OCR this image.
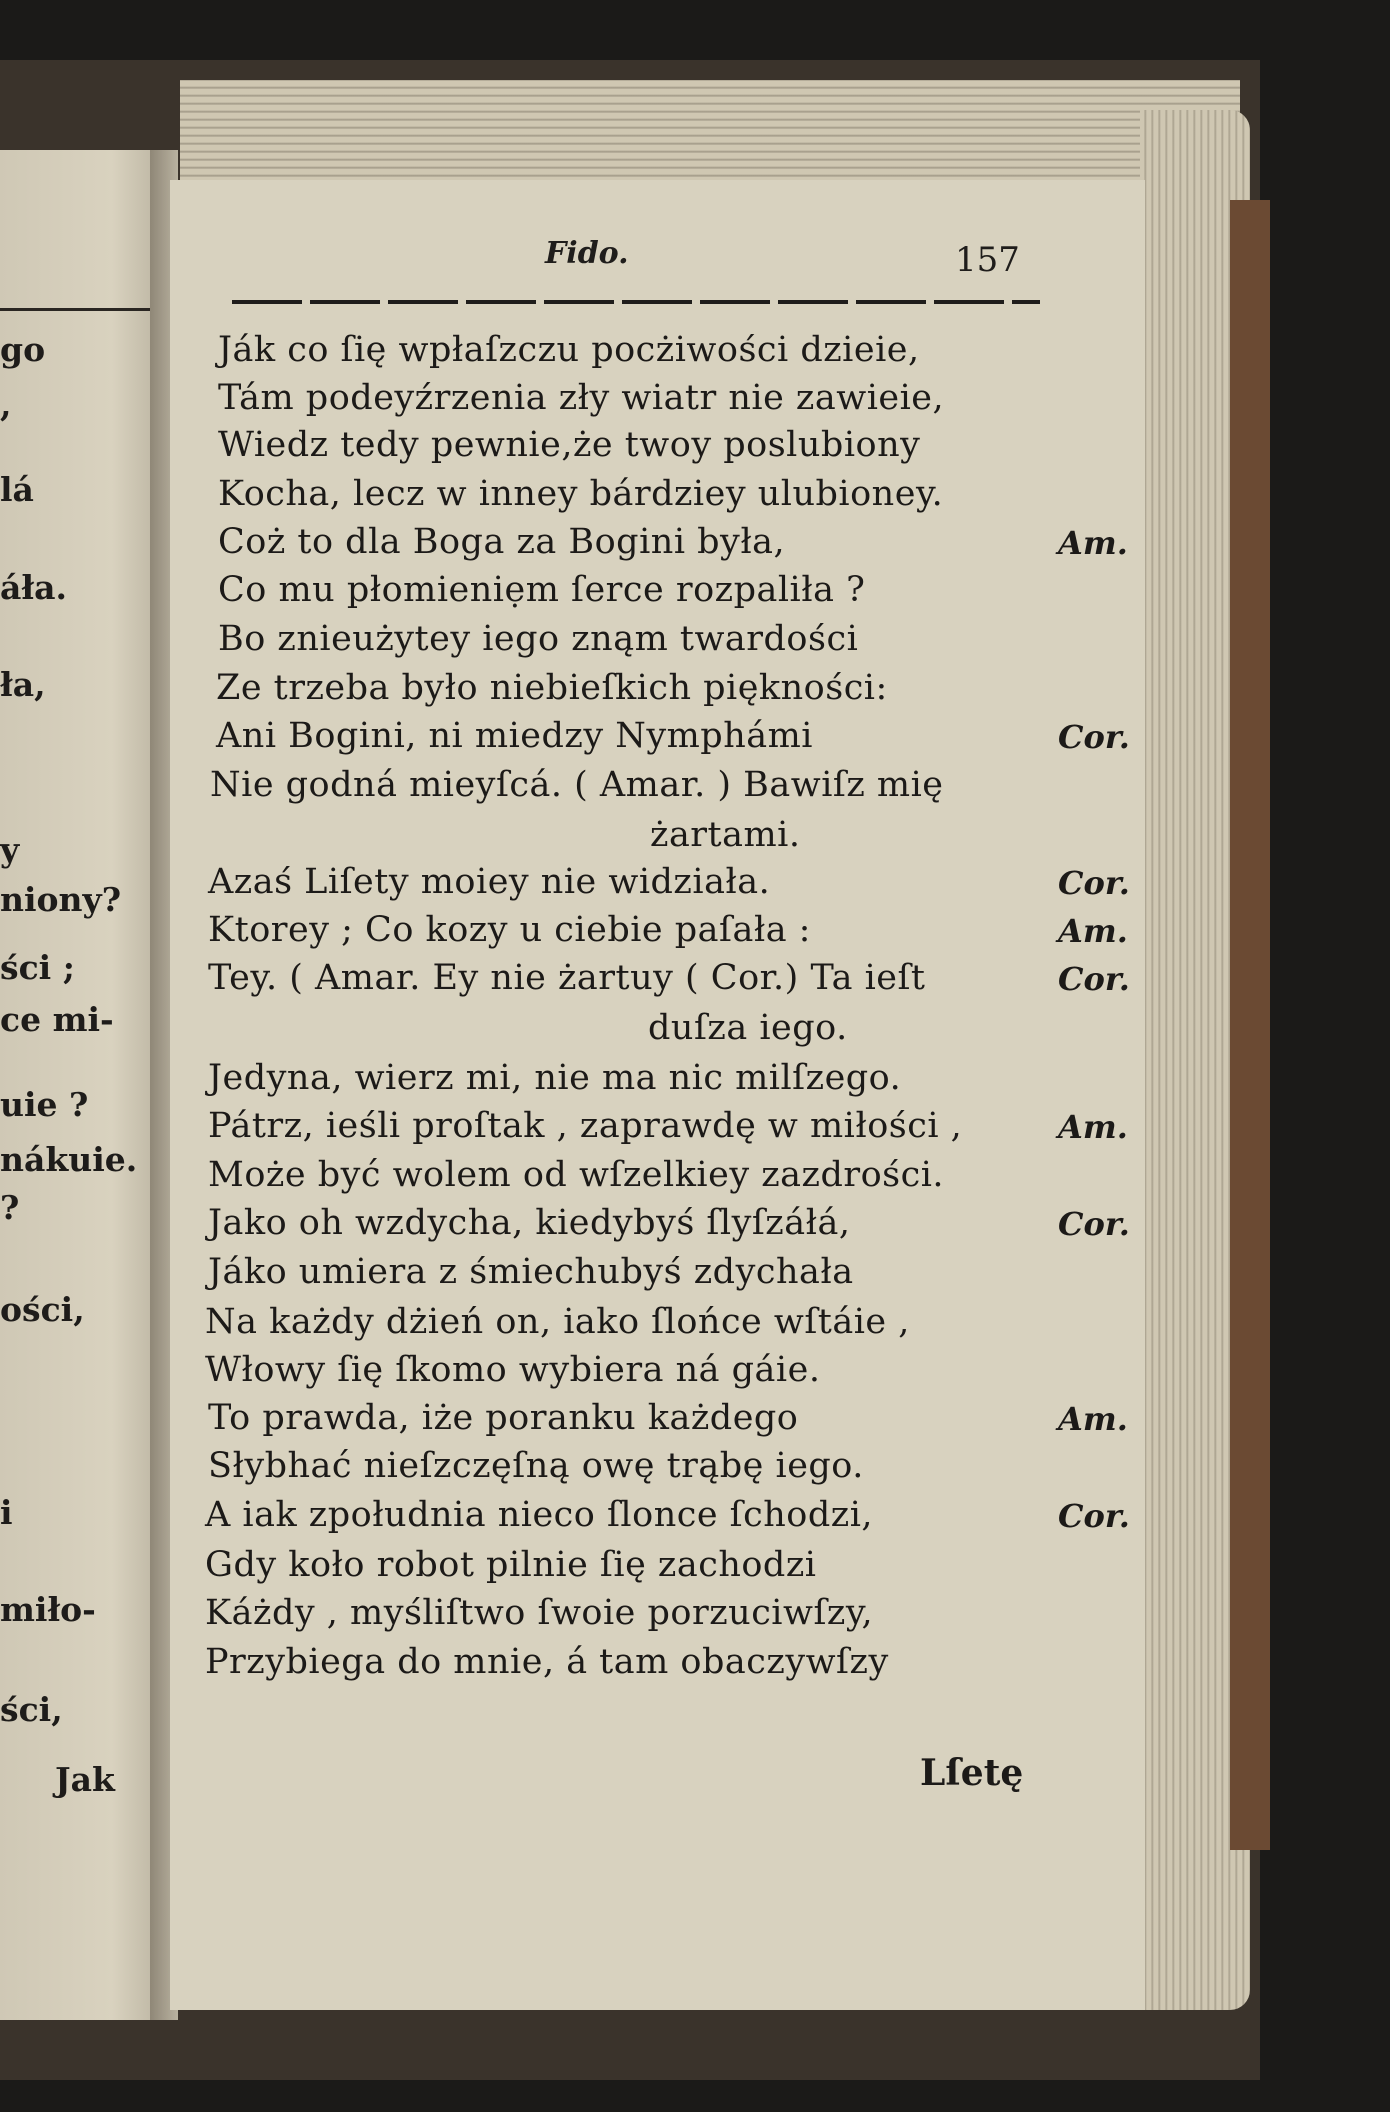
go
,
lá
áła.
ła,
y
niony?
ści ;
ce mi-
uie ?
nákuie.
?
ości,
i
miło-
ści,
Jak
Fido.	157
Ják co ſię wpłaſzczu pocżiwości dzieie,
Tám podeyźrzenia zły wiatr nie zawieie,
Wiedz tedy pewnie,że twoy poslubiony
Kocha, lecz w inney bárdziey ulubioney.
Coż to dla Boga za Bogini była,	Am.
Co mu płomieniẹm ſerce rozpaliła ?
Bo znieużytey iego znąm twardości
Ze trzeba było niebieſkich piękności:
Ani Bogini, ni miedzy Nymphámi	Cor.
Nie godná mieyſcá. ( Amar. ) Bawiſz mię
żartami.
Azaś Liſety moiey nie widziała.	Cor.
Ktorey ; Co kozy u ciebie paſała :	Am.
Tey. ( Amar. Ey nie żartuy ( Cor.) Ta ieſt	Cor.
duſza iego.
Jedyna, wierz mi, nie ma nic milſzego.
Pátrz, ieśli proſtak , zaprawdę w miłości ,	Am.
Może być wolem od wſzelkiey zazdrości.
Jako oh wzdycha, kiedybyś ſlyſzáłá,	Cor.
Jáko umiera z śmiechubyś zdychała
Na każdy dżień on, iako ſlońce wſtáie ,
Włowy ſię ſkomo wybiera ná gáie.
To prawda, iże poranku każdego	Am.
Słybhać nieſzczęſną owę trąbę iego.
A iak zpołudnia nieco ſlonce ſchodzi,	Cor.
Gdy koło robot pilnie ſię zachodzi
Káżdy , myśliſtwo ſwoie porzuciwſzy,
Przybiega do mnie, á tam obaczywſzy
Lſetę
